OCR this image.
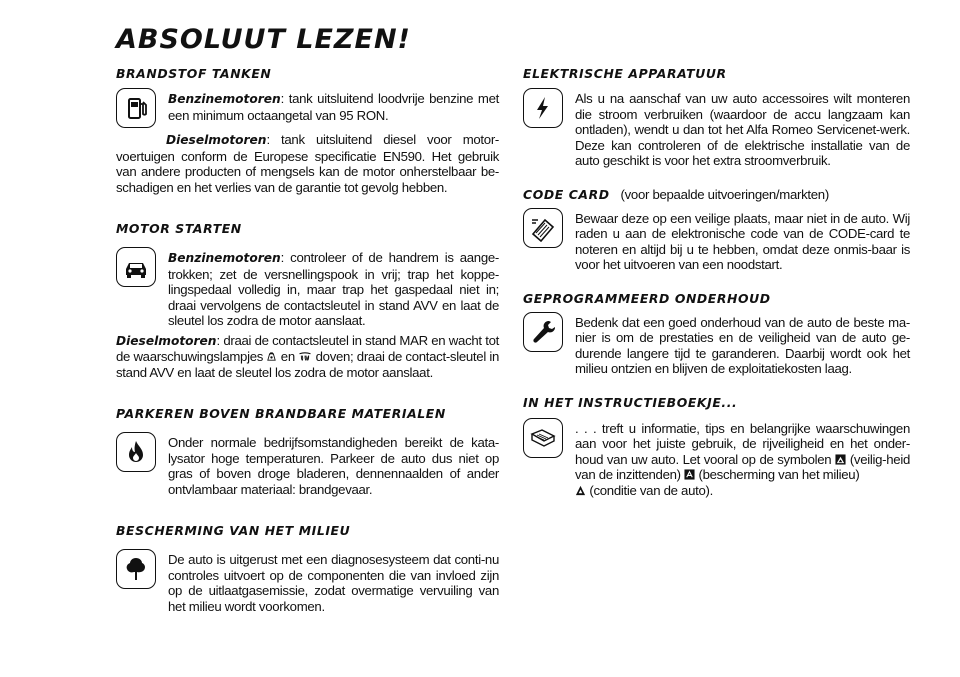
ABSOLUUT LEZEN!
BRANDSTOF TANKEN

Benzinemotoren: tank uitsluitend loodvrije benzine met een minimum octaangetal van 95 RON.

Dieselmotoren: tank uitsluitend diesel voor motor-voertuigen conform de Europese specificatie EN590. Het gebruik van andere producten of mengsels kan de motor onherstelbaar be-schadigen en het verlies van de garantie tot gevolg hebben.

MOTOR STARTEN

Benzinemotoren: controleer of de handrem is aange-trokken; zet de versnellingspook in vrij; trap het koppe-lingspedaal volledig in, maar trap het gaspedaal niet in; draai vervolgens de contactsleutel in stand AVV en laat de sleutel los zodra de motor aanslaat.

Dieselmotoren: draai de contactsleutel in stand MAR en wacht tot de waarschuwingslampjes en doven; draai de contact-sleutel in stand AVV en laat de sleutel los zodra de motor aanslaat.

PARKEREN BOVEN BRANDBARE MATERIALEN

Onder normale bedrijfsomstandigheden bereikt de kata-lysator hoge temperaturen. Parkeer de auto dus niet op gras of boven droge bladeren, dennennaalden of ander ontvlambaar materiaal: brandgevaar.

BESCHERMING VAN HET MILIEU

De auto is uitgerust met een diagnosesysteem dat conti-nu controles uitvoert op de componenten die van invloed zijn op de uitlaatgasemissie, zodat overmatige vervuiling van het milieu wordt voorkomen.

ELEKTRISCHE APPARATUUR

Als u na aanschaf van uw auto accessoires wilt monteren die stroom verbruiken (waardoor de accu langzaam kan ontladen), wendt u dan tot het Alfa Romeo Servicenet-werk. Deze kan controleren of de elektrische installatie van de auto geschikt is voor het extra stroomverbruik.

CODE CARD (voor bepaalde uitvoeringen/markten)

Bewaar deze op een veilige plaats, maar niet in de auto. Wij raden u aan de elektronische code van de CODE-card te noteren en altijd bij u te hebben, omdat deze onmis-baar is voor het uitvoeren van een noodstart.

GEPROGRAMMEERD ONDERHOUD

Bedenk dat een goed onderhoud van de auto de beste ma-nier is om de prestaties en de veiligheid van de auto ge-durende langere tijd te garanderen. Daarbij wordt ook het milieu ontzien en blijven de exploitatiekosten laag.

IN HET INSTRUCTIEBOEKJE...

. . . treft u informatie, tips en belangrijke waarschuwingen aan voor het juiste gebruik, de rijveiligheid en het onder-houd van uw auto. Let vooral op de symbolen (veilig-heid van de inzittenden) (bescherming van het milieu)
(conditie van de auto).
